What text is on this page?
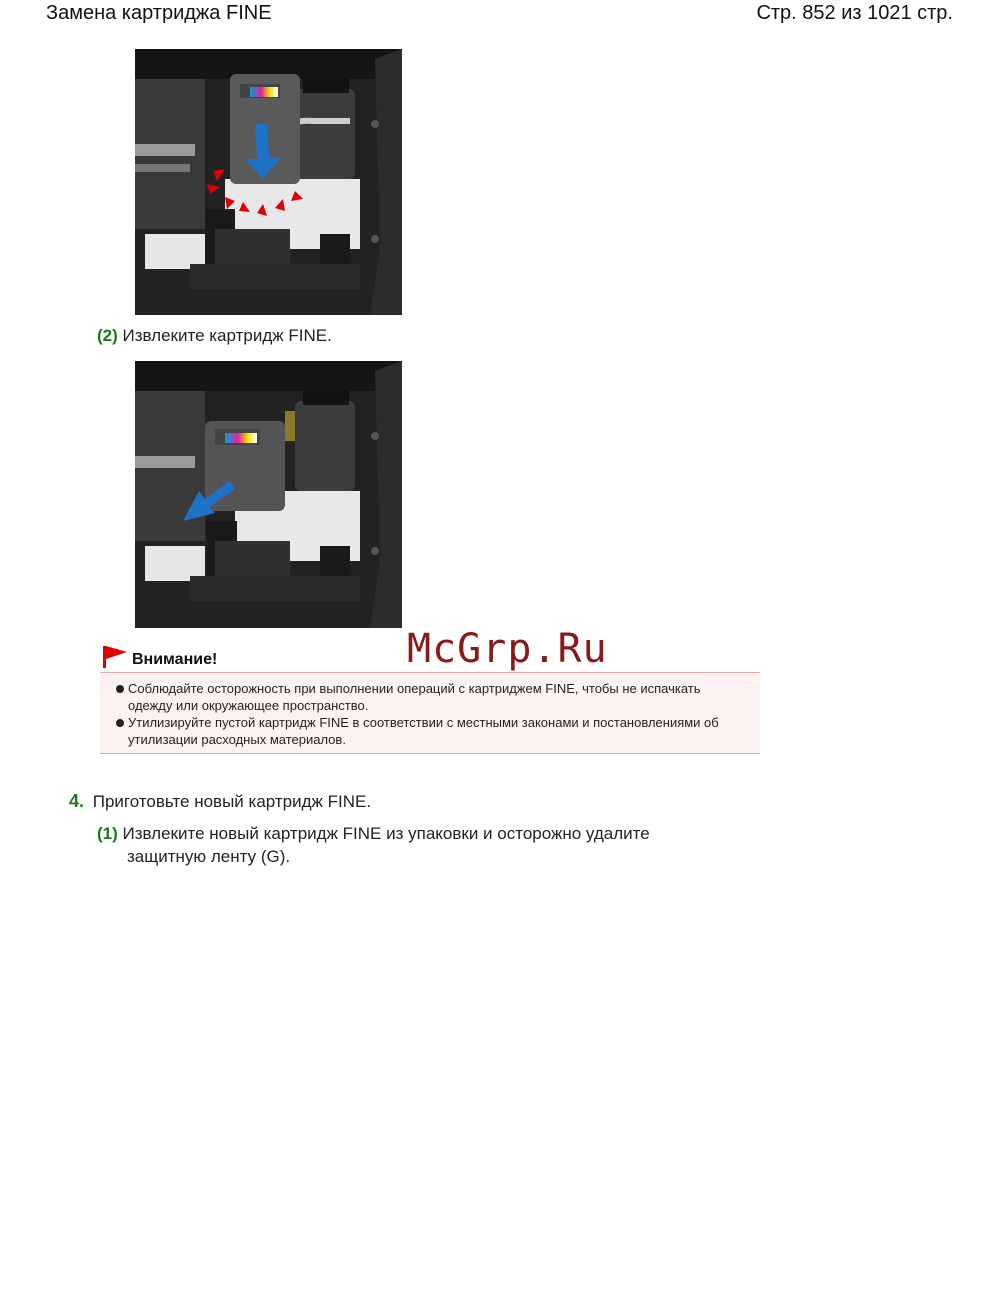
Замена картриджа FINE	Стр. 852 из 1021 стр.
(2) Извлеките картридж FINE.
McGrp.Ru
Соблюдайте осторожность при выполнении операций с картриджем FINE, чтобы не испачкать
одежду или окружающее пространство.
Утилизируйте пустой картридж FINE в соответствии с местными законами и постановлениями об
утилизации расходных материалов.
Внимание!
4. Приготовьте новый картридж FINE.
(1) Извлеките новый картридж FINE из упаковки и осторожно удалите
защитную ленту (G).
